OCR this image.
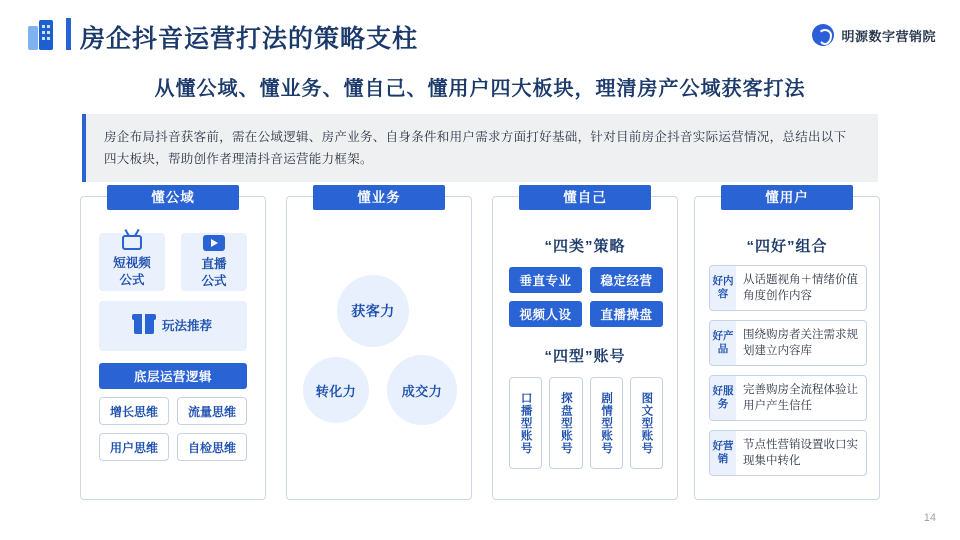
房企抖音运营打法的策略支柱	明源数字营销院
从懂公域、懂业务、懂自己、懂用户四大板块，理清房产公域获客打法

房企布局抖音获客前，需在公域逻辑、房产业务、自身条件和用户需求方面打好基础，针对目前房企抖音实际运营情况，总结出以下四大板块，帮助创作者理清抖音运营能力框架。

懂公域
短视频
公式
直播
公式
玩法推荐
底层运营逻辑
增长思维	流量思维
用户思维	自检思维
懂业务
获客力
转化力	成交力
懂自己
“四类”策略
垂直专业	稳定经营
视频人设	直播操盘
“四型”账号
口播型账号	探盘型账号	剧情型账号	图文型账号
懂用户
“四好”组合
好内容
从话题视角＋情绪价值角度创作内容
好产品
围绕购房者关注需求规划建立内容库
好服务
完善购房全流程体验让用户产生信任
好营销
节点性营销设置收口实现集中转化
14
